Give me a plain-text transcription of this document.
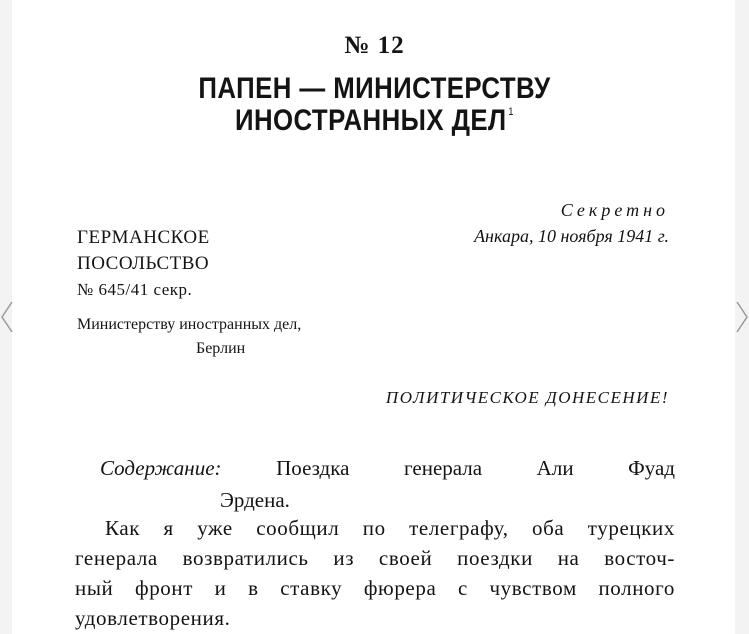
№ 12
ПАПЕН — МИНИСТЕРСТВУ
ИНОСТРАННЫХ ДЕЛ $^1$
Секретно
Анкара, 10 ноября 1941 г.
ГЕРМАНСКОЕ
ПОСОЛЬСТВО
№ 645/41 секр.
Министерству иностранных дел,
Берлин
ПОЛИТИЧЕСКОЕ ДОНЕСЕНИЕ!
Содержание:	Поездка	генерала	Али	Фуад
Эрдена.
Как я уже сообщил по телеграфу, оба турецких
генерала возвратились из своей поездки на восточ-
ный фронт и в ставку фюрера с чувством полного
удовлетворения.
